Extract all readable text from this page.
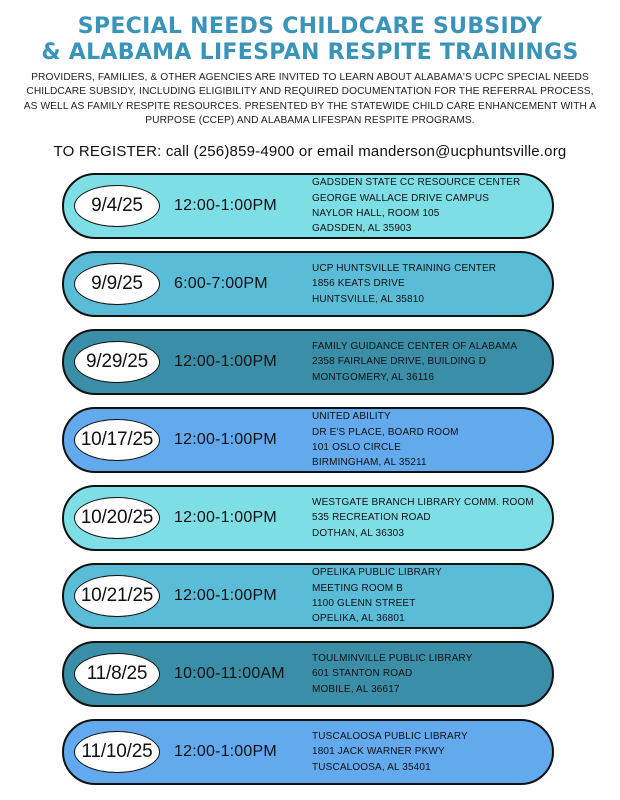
SPECIAL NEEDS CHILDCARE SUBSIDY
& ALABAMA LIFESPAN RESPITE TRAININGS
PROVIDERS, FAMILIES, & OTHER AGENCIES ARE INVITED TO LEARN ABOUT ALABAMA'S UCPC SPECIAL NEEDS
CHILDCARE SUBSIDY, INCLUDING ELIGIBILITY AND REQUIRED DOCUMENTATION FOR THE REFERRAL PROCESS,
AS WELL AS FAMILY RESPITE RESOURCES. PRESENTED BY THE STATEWIDE CHILD CARE ENHANCEMENT WITH A
PURPOSE (CCEP) AND ALABAMA LIFESPAN RESPITE PROGRAMS.
TO REGISTER: call (256)859-4900 or email manderson@ucphuntsville.org
9/4/25	12:00-1:00PM
GADSDEN STATE CC RESOURCE CENTER
GEORGE WALLACE DRIVE CAMPUS
NAYLOR HALL, ROOM 105
GADSDEN, AL 35903
9/9/25	6:00-7:00PM
UCP HUNTSVILLE TRAINING CENTER
1856 KEATS DRIVE
HUNTSVILLE, AL 35810
9/29/25	12:00-1:00PM
FAMILY GUIDANCE CENTER OF ALABAMA
2358 FAIRLANE DRIVE, BUILDING D
MONTGOMERY, AL 36116
10/17/25	12:00-1:00PM
UNITED ABILITY
DR E'S PLACE, BOARD ROOM
101 OSLO CIRCLE
BIRMINGHAM, AL 35211
10/20/25	12:00-1:00PM
WESTGATE BRANCH LIBRARY COMM. ROOM
535 RECREATION ROAD
DOTHAN, AL 36303
10/21/25	12:00-1:00PM
OPELIKA PUBLIC LIBRARY
MEETING ROOM B
1100 GLENN STREET
OPELIKA, AL 36801
11/8/25	10:00-11:00AM
TOULMINVILLE PUBLIC LIBRARY
601 STANTON ROAD
MOBILE, AL 36617
11/10/25	12:00-1:00PM
TUSCALOOSA PUBLIC LIBRARY
1801 JACK WARNER PKWY
TUSCALOOSA, AL 35401
